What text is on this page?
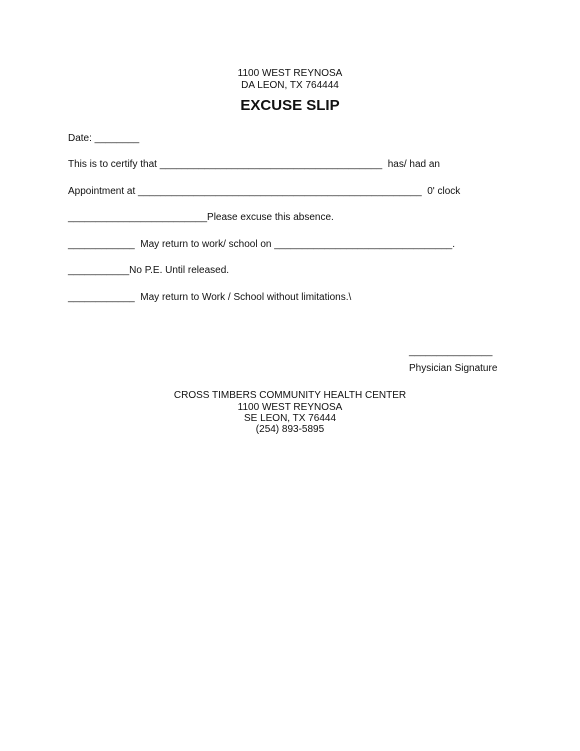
1100 WEST REYNOSA
DA LEON, TX 764444
EXCUSE SLIP
Date: ________
This is to certify that ________________________________________  has/ had an
Appointment at ___________________________________________________  0' clock
_________________________Please excuse this absence.
____________  May return to work/ school on ________________________________.
___________No P.E. Until released.
____________  May return to Work / School without limitations.\
_______________
Physician Signature
CROSS TIMBERS COMMUNITY HEALTH CENTER
1100 WEST REYNOSA
SE LEON, TX 76444
(254) 893-5895
